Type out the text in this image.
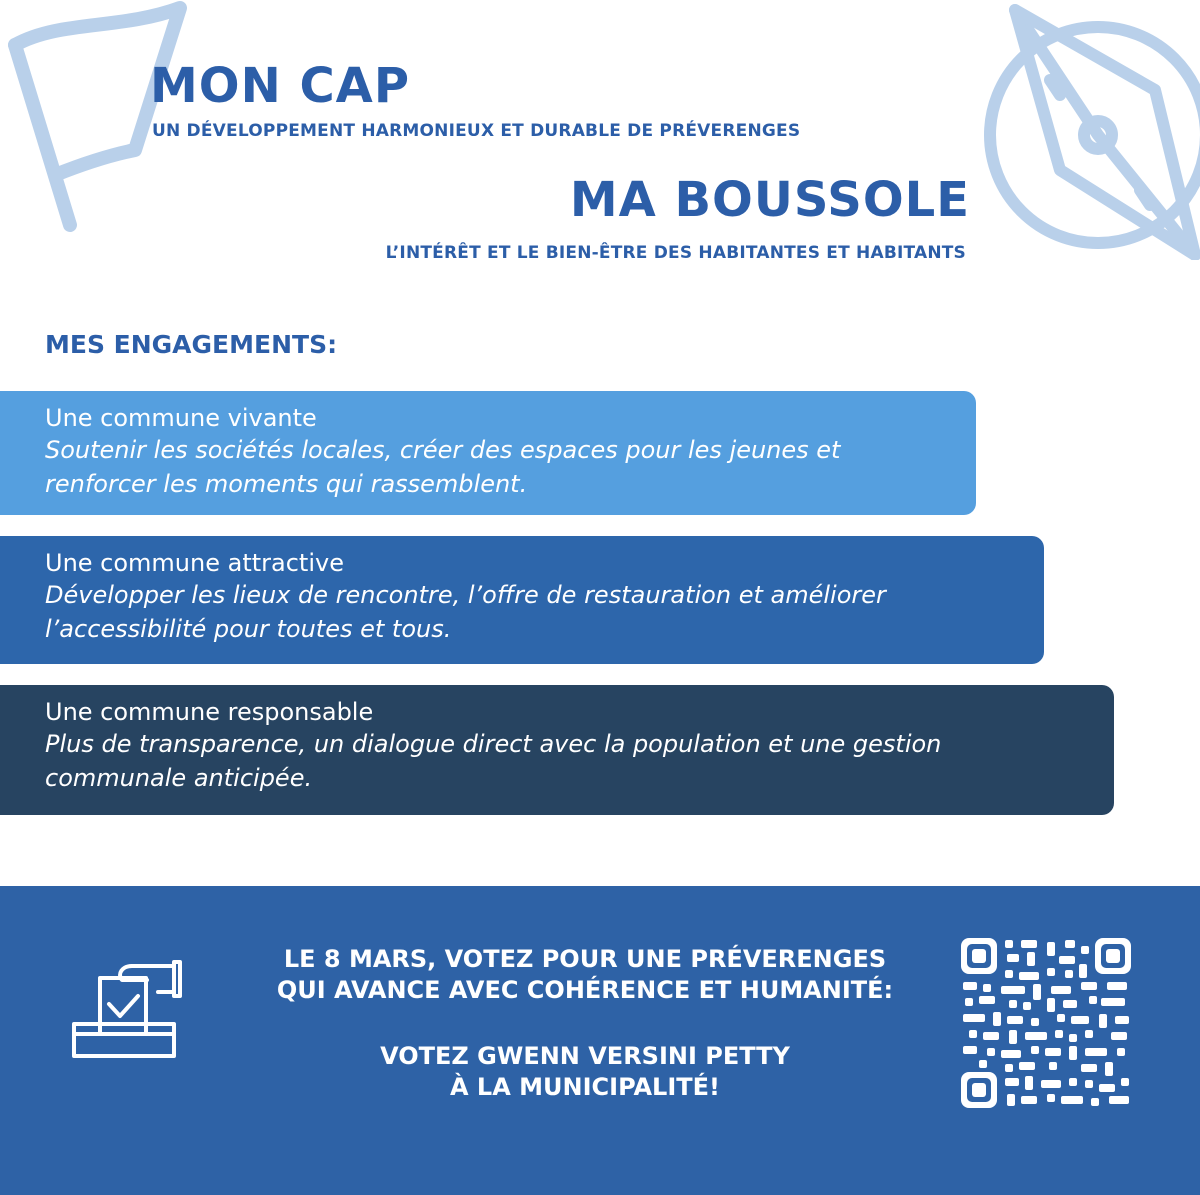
MON CAP
UN DÉVELOPPEMENT HARMONIEUX ET DURABLE DE PRÉVERENGES
MA BOUSSOLE
L’INTÉRÊT ET LE BIEN-ÊTRE DES HABITANTES ET HABITANTS
MES ENGAGEMENTS:
Une commune vivante
Soutenir les sociétés locales, créer des espaces pour les jeunes et renforcer les moments qui rassemblent.
Une commune attractive
Développer les lieux de rencontre, l’offre de restauration et améliorer l’accessibilité pour toutes et tous.
Une commune responsable
Plus de transparence, un dialogue direct avec la population et une gestion communale anticipée.
LE 8 MARS, VOTEZ POUR UNE PRÉVERENGES
QUI AVANCE AVEC COHÉRENCE ET HUMANITÉ:
VOTEZ GWENN VERSINI PETTY
À LA MUNICIPALITÉ!
